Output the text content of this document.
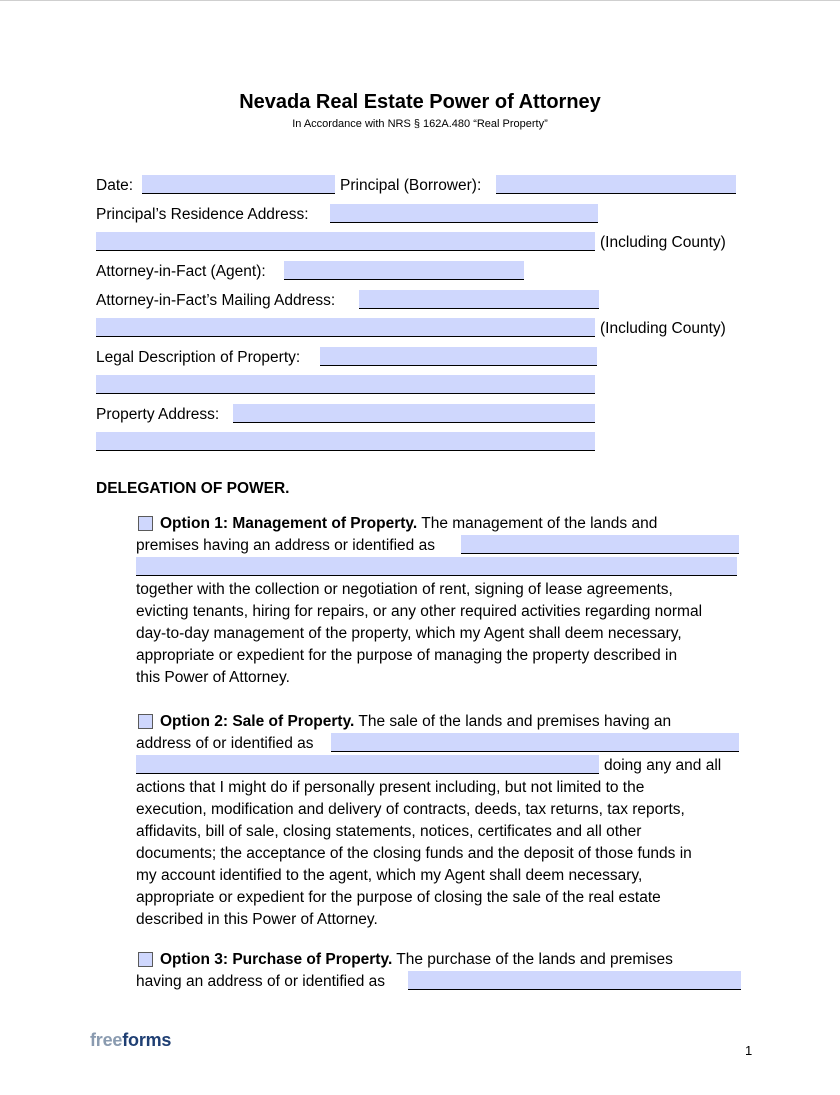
Nevada Real Estate Power of Attorney
In Accordance with NRS § 162A.480 “Real Property”
Date:	Principal (Borrower):
Principal’s Residence Address:
(Including County)
Attorney-in-Fact (Agent):
Attorney-in-Fact’s Mailing Address:
(Including County)
Legal Description of Property:
Property Address:
DELEGATION OF POWER.
Option 1: Management of Property. The management of the lands and
premises having an address or identified as
together with the collection or negotiation of rent, signing of lease agreements,
evicting tenants, hiring for repairs, or any other required activities regarding normal
day-to-day management of the property, which my Agent shall deem necessary,
appropriate or expedient for the purpose of managing the property described in
this Power of Attorney.
Option 2: Sale of Property. The sale of the lands and premises having an
address of or identified as
doing any and all
actions that I might do if personally present including, but not limited to the
execution, modification and delivery of contracts, deeds, tax returns, tax reports,
affidavits, bill of sale, closing statements, notices, certificates and all other
documents; the acceptance of the closing funds and the deposit of those funds in
my account identified to the agent, which my Agent shall deem necessary,
appropriate or expedient for the purpose of closing the sale of the real estate
described in this Power of Attorney.
Option 3: Purchase of Property. The purchase of the lands and premises
having an address of or identified as
freeforms
1
